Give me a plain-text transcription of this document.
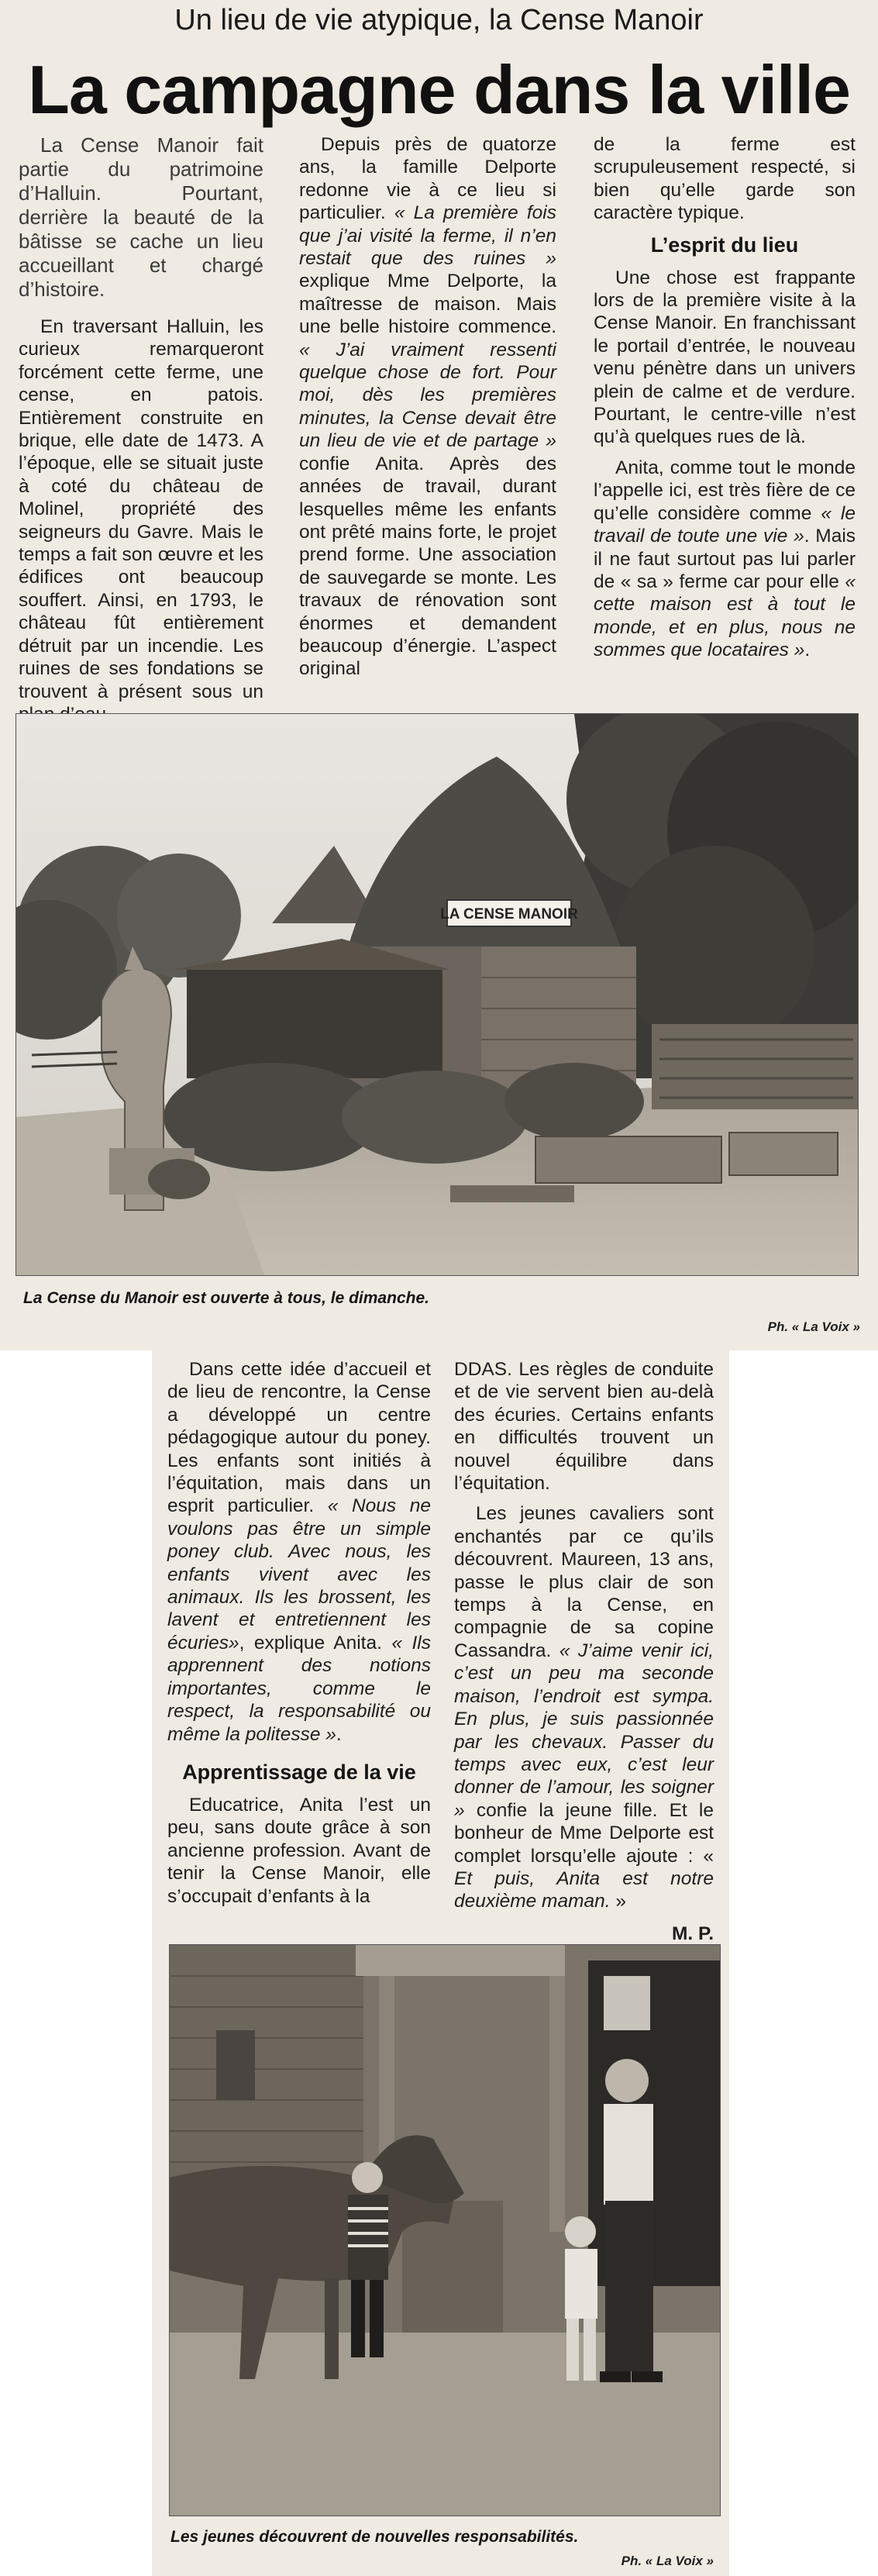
Un lieu de vie atypique, la Cense Manoir
La campagne dans la ville

La Cense Manoir fait partie du patrimoine d’Halluin. Pourtant, derrière la beauté de la bâtisse se cache un lieu accueillant et chargé d’histoire.

En traversant Halluin, les curieux remarqueront forcément cette ferme, une cense, en patois. Entièrement construite en brique, elle date de 1473. A l’époque, elle se situait juste à coté du château de Molinel, propriété des seigneurs du Gavre. Mais le temps a fait son œuvre et les édifices ont beaucoup souffert. Ainsi, en 1793, le château fût entièrement détruit par un incendie. Les ruines de ses fondations se trouvent à présent sous un

Depuis près de quatorze ans, la famille Delporte redonne vie à ce lieu si particulier. « La première fois que j’ai visité la ferme, il n’en restait que des ruines » explique Mme Delporte, la maîtresse de maison. Mais une belle histoire commence. « J’ai vraiment ressenti quelque chose de fort. Pour moi, dès les premières minutes, la Cense devait être un lieu de vie et de partage » confie Anita. Après des années de travail, durant lesquelles même les enfants ont prêté mains forte, le projet prend forme. Une association de sauvegarde se monte. Les travaux de rénovation sont énormes et demandent beaucoup d’énergie. L’aspect original

de la ferme est scrupuleusement respecté, si bien qu’elle garde son caractère typique.

L’esprit du lieu

Une chose est frappante lors de la première visite à la Cense Manoir. En franchissant le portail d’entrée, le nouveau venu pénètre dans un univers plein de calme et de verdure. Pourtant, le centre-ville n’est qu’à quelques rues de là.

Anita, comme tout le monde l’appelle ici, est très fière de ce qu’elle considère comme « le travail de toute une vie ». Mais il ne faut surtout pas lui parler de « sa » ferme car pour elle « cette maison est à tout le monde, et en plus, nous ne sommes que locataires ».

LA CENSE MANOIR
La Cense du Manoir est ouverte à tous, le dimanche.
Ph. « La Voix »

Dans cette idée d’accueil et de lieu de rencontre, la Cense a développé un centre pédagogique autour du poney. Les enfants sont initiés à l’équitation, mais dans un esprit particulier. « Nous ne voulons pas être un simple poney club. Avec nous, les enfants vivent avec les animaux. Ils les brossent, les lavent et entretiennent les écuries», explique Anita. « Ils apprennent des notions importantes, comme le respect, la responsabilité ou même la politesse ».

Apprentissage de la vie

Educatrice, Anita l’est un peu, sans doute grâce à son ancienne profession. Avant de tenir la Cense Manoir, elle s’occupait d’enfants à la

DDAS. Les règles de conduite et de vie servent bien au-delà des écuries. Certains enfants en difficultés trouvent un nouvel équilibre dans l’équitation.

Les jeunes cavaliers sont enchantés par ce qu’ils découvrent. Maureen, 13 ans, passe le plus clair de son temps à la Cense, en compagnie de sa copine Cassandra. « J’aime venir ici, c’est un peu ma seconde maison, l’endroit est sympa. En plus, je suis passionnée par les chevaux. Passer du temps avec eux, c’est leur donner de l’amour, les soigner » confie la jeune fille. Et le bonheur de Mme Delporte est complet lorsqu’elle ajoute : « Et puis, Anita est notre deuxième maman. »

M. P.

Les jeunes découvrent de nouvelles responsabilités.
Ph. « La Voix »
